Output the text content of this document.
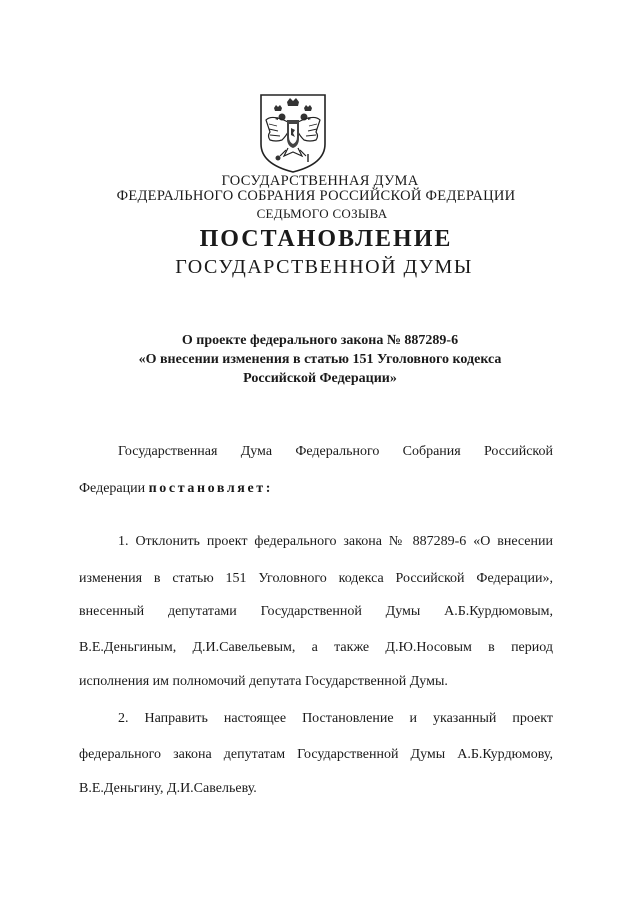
ГОСУДАРСТВЕННАЯ ДУМА
ФЕДЕРАЛЬНОГО СОБРАНИЯ РОССИЙСКОЙ ФЕДЕРАЦИИ
СЕДЬМОГО СОЗЫВА
ПОСТАНОВЛЕНИЕ
ГОСУДАРСТВЕННОЙ ДУМЫ
О проекте федерального закона № 887289-6
«О внесении изменения в статью 151 Уголовного кодекса
Российской Федерации»
Государственная Дума Федерального Собрания Российской
Федерации постановляет:
1. Отклонить проект федерального закона № 887289-6 «О внесении
изменения в статью 151 Уголовного кодекса Российской Федерации»,
внесенный депутатами Государственной Думы А.Б.Курдюмовым,
В.Е.Деньгиным, Д.И.Савельевым, а также Д.Ю.Носовым в период
исполнения им полномочий депутата Государственной Думы.
2. Направить настоящее Постановление и указанный проект
федерального закона депутатам Государственной Думы А.Б.Курдюмову,
В.Е.Деньгину, Д.И.Савельеву.
